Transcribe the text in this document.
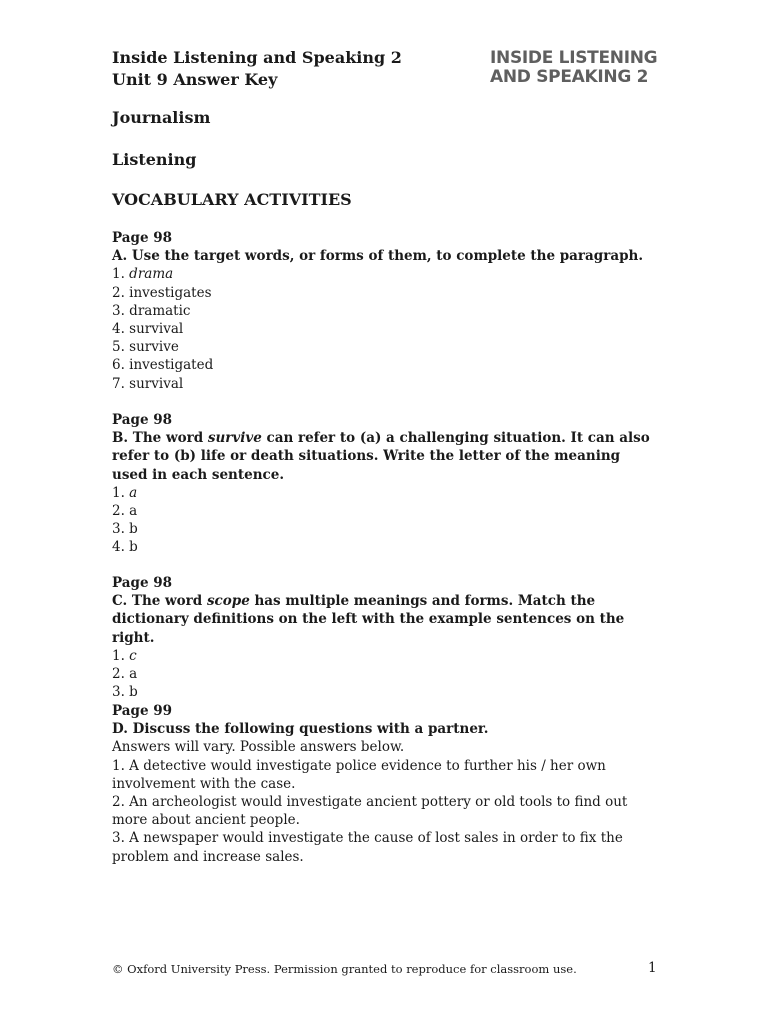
Inside Listening and Speaking 2
Unit 9 Answer Key
INSIDE LISTENING
AND SPEAKING 2
Journalism
Listening
VOCABULARY ACTIVITIES
Page 98
A. Use the target words, or forms of them, to complete the paragraph.
1. drama
2. investigates
3. dramatic
4. survival
5. survive
6. investigated
7. survival
Page 98
B. The word survive can refer to (a) a challenging situation. It can also refer to (b) life or death situations. Write the letter of the meaning used in each sentence.
1. a
2. a
3. b
4. b
Page 98
C. The word scope has multiple meanings and forms. Match the dictionary definitions on the left with the example sentences on the right.
1. c
2. a
3. b
Page 99
D. Discuss the following questions with a partner.
Answers will vary. Possible answers below.
1. A detective would investigate police evidence to further his / her own involvement with the case.
2. An archeologist would investigate ancient pottery or old tools to find out more about ancient people.
3. A newspaper would investigate the cause of lost sales in order to fix the problem and increase sales.
© Oxford University Press. Permission granted to reproduce for classroom use.	1
